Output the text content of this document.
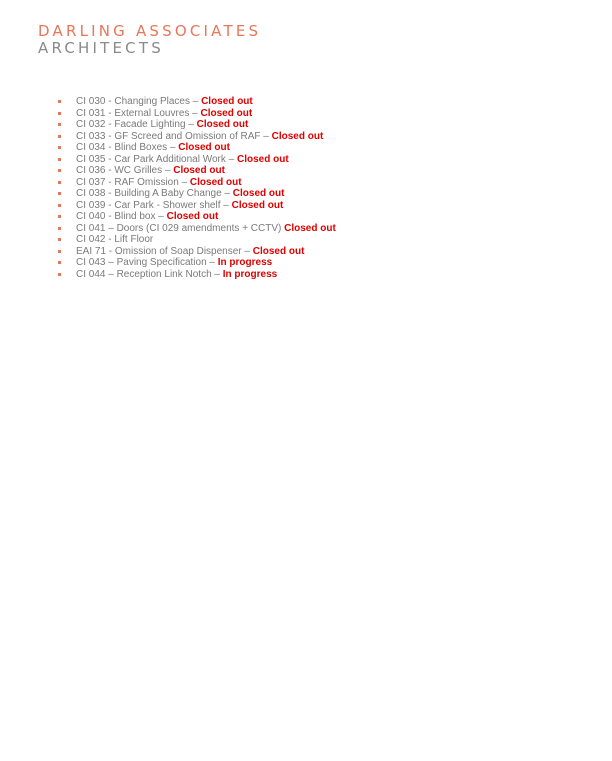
DARLING ASSOCIATES
ARCHITECTS
CI 030 - Changing Places – Closed out
CI 031 - External Louvres – Closed out
CI 032 - Facade Lighting – Closed out
CI 033 - GF Screed and Omission of RAF – Closed out
CI 034 - Blind Boxes – Closed out
CI 035 - Car Park Additional Work – Closed out
CI 036 - WC Grilles – Closed out
CI 037 - RAF Omission – Closed out
CI 038 - Building A Baby Change – Closed out
CI 039 - Car Park - Shower shelf – Closed out
CI 040 - Blind box – Closed out
CI 041 – Doors (CI 029 amendments + CCTV) Closed out
CI 042 - Lift Floor
EAI 71 - Omission of Soap Dispenser – Closed out
CI 043 – Paving Specification – In progress
CI 044 – Reception Link Notch – In progress
